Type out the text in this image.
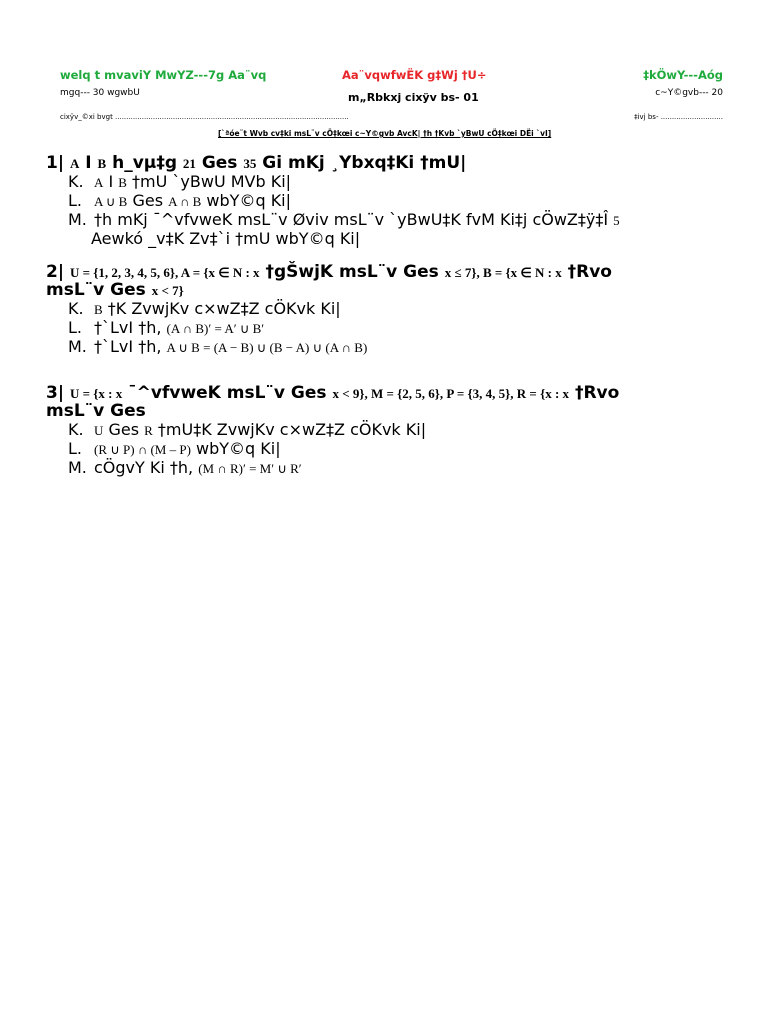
welq t mvaviY MwYZ---7g Aa¨vq	Aa¨vqwfwËK g‡Wj †U÷	‡kÖwY---Aóg
mgq--- 30 wgwbU	m„Rbkxj cixÿv bs- 01	c~Y©gvb--- 20
cixÿv_©xi bvgt .........................................................................................................	‡ivj bs- ............................
[`ªóe¨t Wvb cv‡ki msL¨v cÖ‡kœi c~Y©gvb AvcK| †h †Kvb `yBwU cÖ‡kœi DËi `vI]
1| A I B h_vµ‡g 21 Ges 35 Gi mKj ¸Ybxq‡Ki †mU|
K. A I B †mU `yBwU MVb Ki|
L. A ∪ B Ges A ∩ B wbY©q Ki|
M. †h mKj ¯^vfvweK msL¨v Øviv msL¨v `yBwU‡K fvM Ki‡j cÖwZ‡ÿ‡Î 5
Aewkó _v‡K Zv‡`i †mU wbY©q Ki|
2| U = {1, 2, 3, 4, 5, 6}, A = {x ∈ N : x †gŠwjK msL¨v Ges x ≤ 7}, B = {x ∈ N : x †Rvo
msL¨v Ges x < 7}
K. B †K ZvwjKv c×wZ‡Z cÖKvk Ki|
L. †`LvI †h, (A ∩ B)′ = A′ ∪ B′
M. †`LvI †h, A ∪ B = (A − B) ∪ (B − A) ∪ (A ∩ B)
3| U = {x : x ¯^vfvweK msL¨v Ges x < 9}, M = {2, 5, 6}, P = {3, 4, 5}, R = {x : x †Rvo
msL¨v Ges
K. U Ges R †mU‡K ZvwjKv c×wZ‡Z cÖKvk Ki|
L. (R ∪ P) ∩ (M – P) wbY©q Ki|
M. cÖgvY Ki †h, (M ∩ R)′ = M′ ∪ R′
